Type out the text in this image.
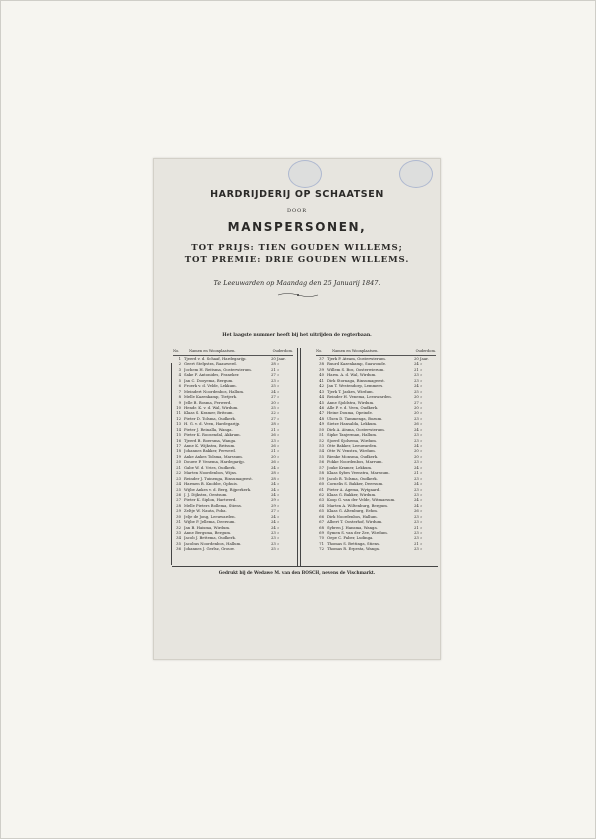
HARDRIJDERIJ OP SCHAATSEN
DOOR
MANSPERSONEN,
TOT PRIJS: TIEN GOUDEN WILLEMS;
TOT PREMIE: DRIE GOUDEN WILLEMS.
Te Leeuwarden op Maandag den 25 Januarij 1847.
Het laagste nummer heeft bij het uitrijden de regterbaan.
No.	Namen en Woonplaatsen.	Ouderdom.
1 Tjeerd v. d. Schaaf, Hardegarijp.	20 Jaar.
2 Geert Stelpstra, Raauwerd.	28 »
3 Jochem H. Reitsma, Oosterwierum.	21 »
4 Sake F. Antonides, Franeker.	27 »
5 Jan C. Dooyema, Bergum.	23 »
6 Froerk v. d. Velde, Lekkum.	25 »
7 Meindert Noordenbos, Hallum.	24 »
8 Melle Kazenkamp, Tietjerk.	27 »
9 Jelle B. Bosma, Ferwerd.	20 »
10 Hendr. K. v. d. Wal, Wirdum.	25 »
11 Klaas S. Kramer, Britsum.	22 »
12 Pieter D. Tolsma, Oudkerk.	27 »
13 H. G. v. d. Veen, Hardegarijp.	28 »
14 Pieter J. Reinalla, Wanga.	21 »
15 Pieter K. Roosendal, Akkrum.	26 »
16 Tjeerd B. Boersma, Wanga.	23 »
17 Anne K. Wijkstra, Britsum.	26 »
18 Johannes Bakker, Ferwerd.	21 »
19 Anke Ankes Tolsma, Marssum.	20 »
20 Douwe P. Venema, Hardegarijp.	26 »
21 Gabe W. d. Vries, Oudkerk.	24 »
22 Marten Noordenbos, Wijns.	28 »
23 Reinder J. Tuinenga, Rinsumageest.	28 »
24 Harmen B. Knobbe, Ophuis.	24 »
25 Wijbe Ankes v. d. Berg, Rijperkerk.	24 »
26 J. J. Dijkstra, Oentsum.	24 »
27 Pieter K. Siplon, Hartwerd.	29 »
28 Melle Pieters Bollema, Stiens.	29 »
29 Zeltje W. Nauta, Poba.	27 »
30 Jelje de Jong, Leeuwarden.	24 »
31 Wijbe P. Jellema, Deersum.	24 »
32 Jan B. Haisma, Wirdum.	24 »
33 Anne Bergsma, Bergum.	23 »
34 Jacob J. Bettema, Oudkerk.	23 »
35 Jacobus Noordenbos, Hallum.	23 »
36 Johannes J. Gerlsz, Grouw.	25 »
No.	Namen en Woonplaatsen.	Ouderdom.
37 Tjerk P. Ateam, Oosterwierum.	20 Jaar.
38 Ruurd Kazenkamp, Suawoude.	24 »
39 Willem S. Bos, Oosterwierum.	21 »
40 Harm. A. d. Wal, Wirdum.	23 »
41 Dirk Stornaga, Rinsumageest.	23 »
42 Jan T. Westendorp, Lemmers.	24 »
43 Tjerk T. Jaskes, Wirdum.	25 »
44 Reinder H. Venema, Leeuwarden.	20 »
45 Anne Sjoldstra, Wirdum.	27 »
46 Alle P. v. d. Veen, Oudkerk.	20 »
47 Heine Douma, Opeinde.	20 »
48 Ulsen D. Tammenga, Bozum.	23 »
49 Sietze Hansalda, Lekkum.	26 »
50 Dirk A. Atsma, Oosterwierum.	24 »
51 Sipke Tanjerman, Hallum.	23 »
52 Sjoerd Sjolsema, Wirdum.	23 »
53 Otte Bakker, Leeuwarden.	24 »
54 Otte W. Venstra, Wirdum.	20 »
55 Rienke Monsma, Oudkerk.	20 »
56 Fokke Noordenbos, Marrum.	23 »
57 Jouke Kramer, Lekkum.	24 »
58 Klaas Sybes Veenstra, Marssum.	21 »
59 Jacob B. Tolsma, Oudkerk.	23 »
60 Cornelis S. Bakker, Deersum.	24 »
61 Pieter A. Agema, Wytgaard.	23 »
62 Klaas G. Bakker, Wirdum.	23 »
63 Koop G. van der Velde, Witmarsum.	24 »
64 Marten A. Wiltenburg, Bergum.	24 »
65 Klaas G. Altenburg, Eehm.	26 »
66 Dirk Noordenbos, Hallum.	23 »
67 Albert T. Oosterhof, Wirdum.	23 »
68 Sybren J. Hansma, Wanga.	21 »
69 Symen S. van der Zee, Wirdum.	23 »
70 Oepe C. Faber, Ludinga.	23 »
71 Thomas S. Bettinga, Stiens.	21 »
72 Thomas R. Erpesta, Wanga.	23 »
Gedrukt bij de Wedawe M. van den BOSCH, nevens de Vischmarkt.
